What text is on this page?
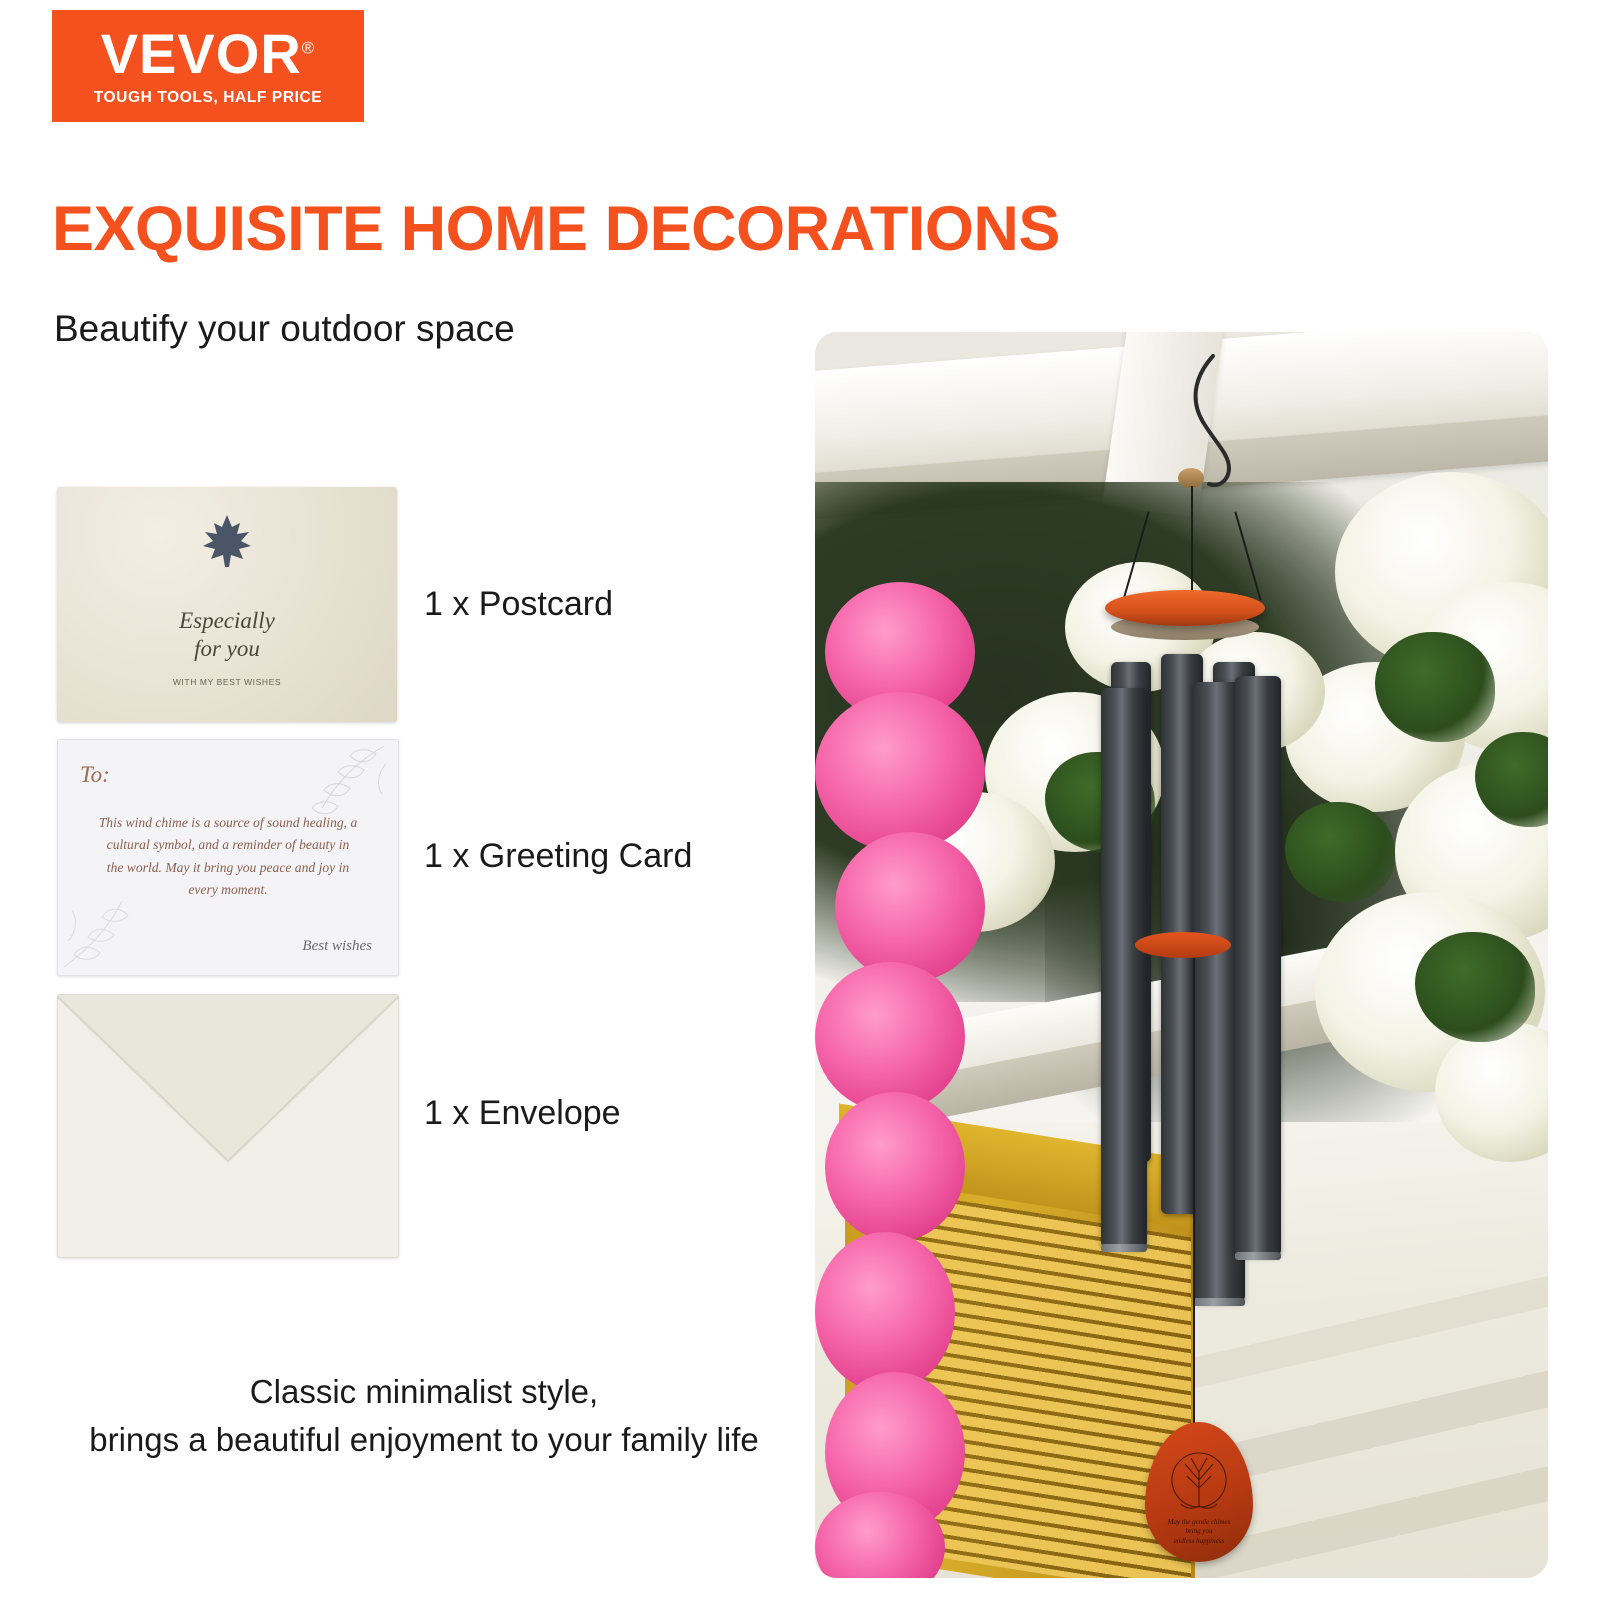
VEVOR®
TOUGH TOOLS, HALF PRICE
EXQUISITE HOME DECORATIONS
Beautify your outdoor space
Especially
for you
WITH MY BEST WISHES
1 x Postcard
To:
This wind chime is a source of sound healing, a cultural symbol, and a reminder of beauty in the world. May it bring you peace and joy in every moment.
Best wishes
1 x Greeting Card
1 x Envelope
Classic minimalist style,
brings a beautiful enjoyment to your family life
May the gentle chimes
bring you
endless happiness
